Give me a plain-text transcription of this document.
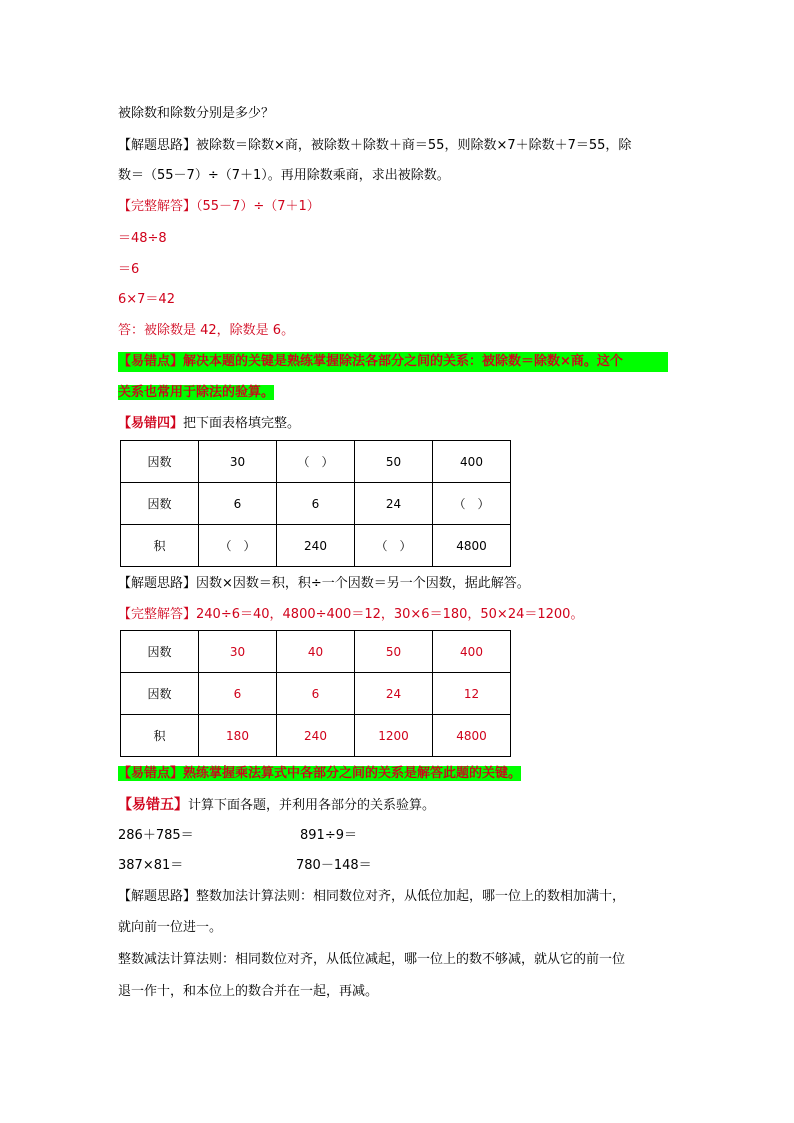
被除数和除数分别是多少？
【解题思路】被除数＝除数×商，被除数＋除数＋商＝55，则除数×7＋除数＋7＝55，除
数＝（55－7）÷（7＋1）。再用除数乘商，求出被除数。
【完整解答】（55－7）÷（7＋1）
＝48÷8
＝6
6×7＝42
答：被除数是 42，除数是 6。
【易错点】解决本题的关键是熟练掌握除法各部分之间的关系：被除数＝除数×商。这个
关系也常用于除法的验算。
【易错四】把下面表格填完整。
因数	30	（　）	50	400
因数	6	6	24	（　）
积	（　）	240	（　）	4800
【解题思路】因数×因数＝积，积÷一个因数＝另一个因数，据此解答。
【完整解答】240÷6＝40，4800÷400＝12，30×6＝180，50×24＝1200。
因数	30	40	50	400
因数	6	6	24	12
积	180	240	1200	4800
【易错点】熟练掌握乘法算式中各部分之间的关系是解答此题的关键。
【易错五】计算下面各题，并利用各部分的关系验算。
286＋785＝	891÷9＝
387×81＝	780－148＝
【解题思路】整数加法计算法则：相同数位对齐，从低位加起，哪一位上的数相加满十，
就向前一位进一。
整数减法计算法则：相同数位对齐，从低位减起，哪一位上的数不够减，就从它的前一位
退一作十，和本位上的数合并在一起，再减。
